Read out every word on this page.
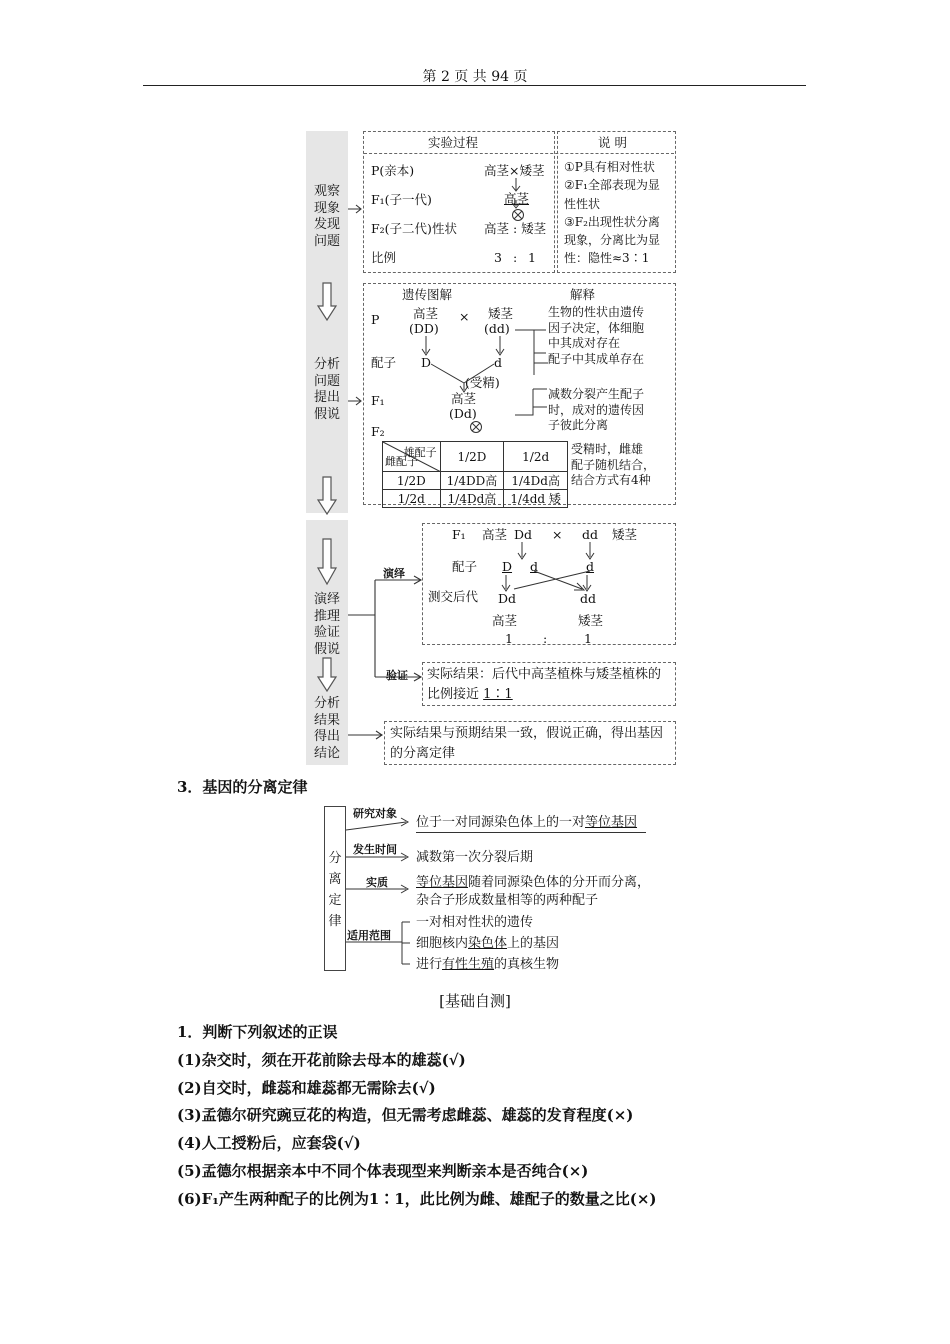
第 2 页 共 94 页
观察现象发现问题
分析问题提出假说
演绎推理验证假说
分析结果得出结论
实验过程	说 明
P(亲本)	高茎×矮茎
F₁(子一代)	高茎
F₂(子二代)性状 高茎 : 矮茎
比例	3 : 1
①P具有相对性状
②F₁全部表现为显
性性状
③F₂出现性状分离
现象，分离比为显
性：隐性≈3∶1
遗传图解	解释
P	高茎
(DD)
× 矮茎
(dd)
配子 D	d
(受精)
F₁	高茎
(Dd)
F₂
生物的性状由遗传
因子决定，体细胞
中其成对存在
配子中其成单存在
减数分裂产生配子
时，成对的遗传因
子彼此分离
受精时，雌雄
配子随机结合，
结合方式有4种
雄配子
雌配子	1/2D	1/2d
1/2D	1/4DD高	1/4Dd高
1/2d	1/4Dd高	1/4dd 矮
演绎
验证
F₁ 高茎 Dd × dd 矮茎
配子 D d	d
测交后代 Dd	dd
高茎	矮茎
1 :	1
实际结果：后代中高茎植株与矮茎植株的
比例接近 1∶1
实际结果与预期结果一致，假说正确，得出基因
的分离定律
3．基因的分离定律
分离定律
研究对象
发生时间
实质
适用范围
位于一对同源染色体上的一对等位基因
减数第一次分裂后期
等位基因随着同源染色体的分开而分离，
杂合子形成数量相等的两种配子
一对相对性状的遗传
细胞核内染色体上的基因
进行有性生殖的真核生物
[基础自测]
1．判断下列叙述的正误
(1)杂交时，须在开花前除去母本的雄蕊(√)
(2)自交时，雌蕊和雄蕊都无需除去(√)
(3)孟德尔研究豌豆花的构造，但无需考虑雌蕊、雄蕊的发育程度(×)
(4)人工授粉后，应套袋(√)
(5)孟德尔根据亲本中不同个体表现型来判断亲本是否纯合(×)
(6)F₁产生两种配子的比例为1∶1，此比例为雌、雄配子的数量之比(×)
